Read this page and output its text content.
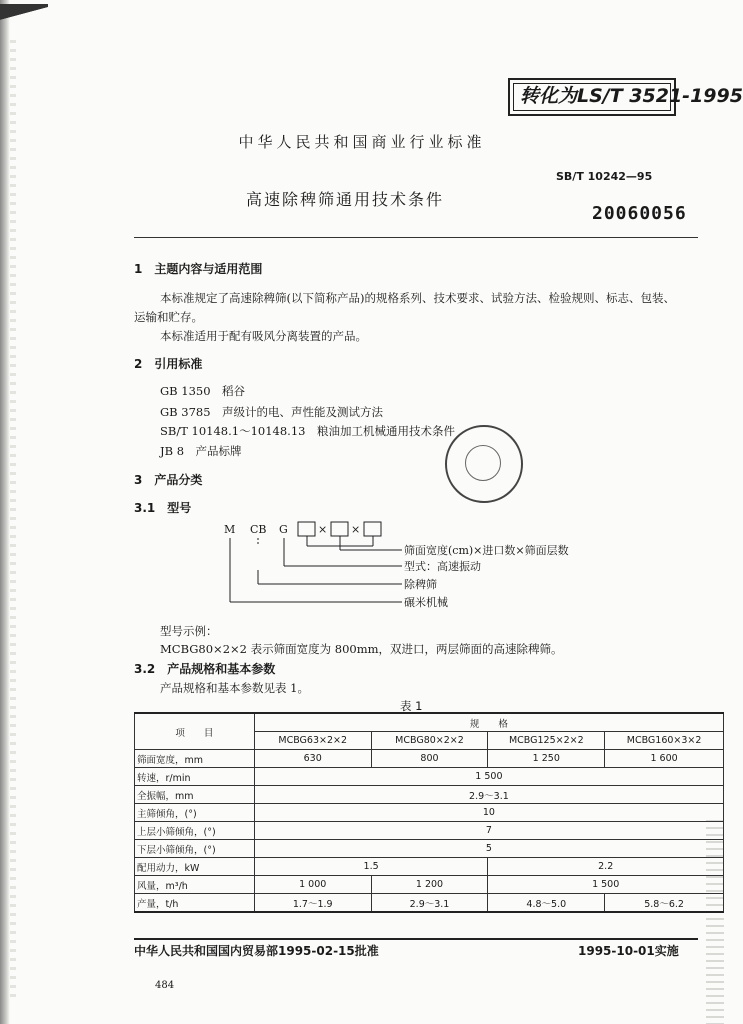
转化为LS/T 3521-1995
中华人民共和国商业行业标准
SB/T 10242—95
高速除稗筛通用技术条件
20060056
1　主题内容与适用范围
本标准规定了高速除稗筛(以下简称产品)的规格系列、技术要求、试验方法、检验规则、标志、包装、
运输和贮存。
本标准适用于配有吸风分离装置的产品。
2　引用标准
GB 1350　稻谷
GB 3785　声级计的电、声性能及测试方法
SB/T 10148.1～10148.13　粮油加工机械通用技术条件
JB 8　产品标牌
3　产品分类
3.1　型号
M CB G	× ×
筛面宽度(cm)×进口数×筛面层数
型式：高速振动
除稗筛
碾米机械
型号示例：
MCBG80×2×2 表示筛面宽度为 800mm，双进口，两层筛面的高速除稗筛。
3.2　产品规格和基本参数
产品规格和基本参数见表 1。
表 1
项　　目	规　　格			
	MCBG63×2×2	MCBG80×2×2	MCBG125×2×2	MCBG160×3×2
筛面宽度，mm	630	800	1 250	1 600
转速，r/min	1 500			
全振幅，mm	2.9～3.1			
主筛倾角，(°)	10			
上层小筛倾角，(°)	7			
下层小筛倾角，(°)	5			
配用动力，kW	1.5		2.2	
风量，m³/h	1 000	1 200	1 500	
产量，t/h	1.7～1.9	2.9～3.1	4.8～5.0	5.8～6.2
中华人民共和国国内贸易部1995-02-15批准	1995-10-01实施
484
